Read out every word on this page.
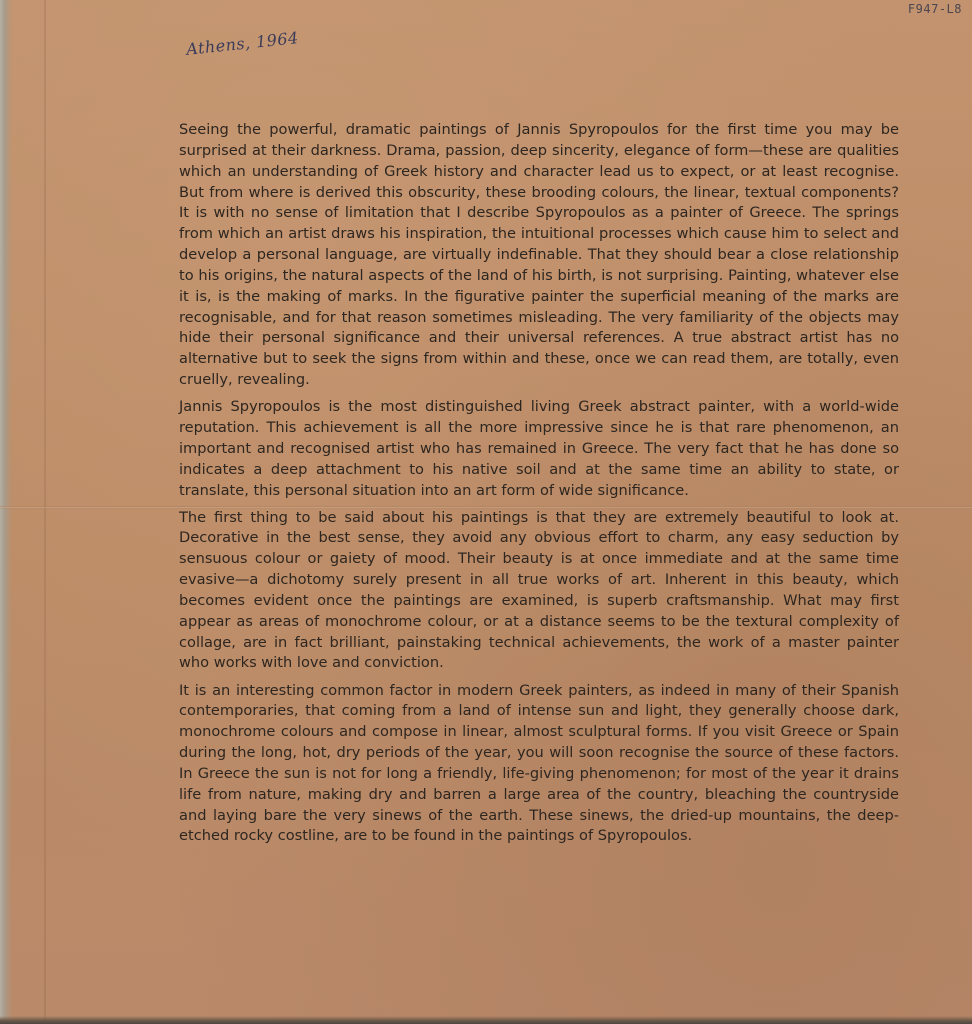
Athens, 1964
F947-L8

Seeing the powerful, dramatic paintings of Jannis Spyropoulos for the first time you may be surprised at their darkness. Drama, passion, deep sincerity, elegance of form—these are qualities which an understanding of Greek history and character lead us to expect, or at least recognise. But from where is derived this obscurity, these brooding colours, the linear, textual components? It is with no sense of limitation that I describe Spyropoulos as a painter of Greece. The springs from which an artist draws his inspiration, the intuitional processes which cause him to select and develop a personal language, are virtually indefinable. That they should bear a close relationship to his origins, the natural aspects of the land of his birth, is not surprising. Painting, whatever else it is, is the making of marks. In the figurative painter the superficial meaning of the marks are recognisable, and for that reason sometimes misleading. The very familiarity of the objects may hide their personal significance and their universal references. A true abstract artist has no alternative but to seek the signs from within and these, once we can read them, are totally, even cruelly, revealing.

Jannis Spyropoulos is the most distinguished living Greek abstract painter, with a world-wide reputation. This achievement is all the more impressive since he is that rare phenomenon, an important and recognised artist who has remained in Greece. The very fact that he has done so indicates a deep attachment to his native soil and at the same time an ability to state, or translate, this personal situation into an art form of wide significance.

The first thing to be said about his paintings is that they are extremely beautiful to look at. Decorative in the best sense, they avoid any obvious effort to charm, any easy seduction by sensuous colour or gaiety of mood. Their beauty is at once immediate and at the same time evasive—a dichotomy surely present in all true works of art. Inherent in this beauty, which becomes evident once the paintings are examined, is superb craftsmanship. What may first appear as areas of monochrome colour, or at a distance seems to be the textural complexity of collage, are in fact brilliant, painstaking technical achievements, the work of a master painter who works with love and conviction.

It is an interesting common factor in modern Greek painters, as indeed in many of their Spanish contemporaries, that coming from a land of intense sun and light, they generally choose dark, monochrome colours and compose in linear, almost sculptural forms. If you visit Greece or Spain during the long, hot, dry periods of the year, you will soon recognise the source of these factors. In Greece the sun is not for long a friendly, life-giving phenomenon; for most of the year it drains life from nature, making dry and barren a large area of the country, bleaching the countryside and laying bare the very sinews of the earth. These sinews, the dried-up mountains, the deep-etched rocky costline, are to be found in the paintings of Spyropoulos.
